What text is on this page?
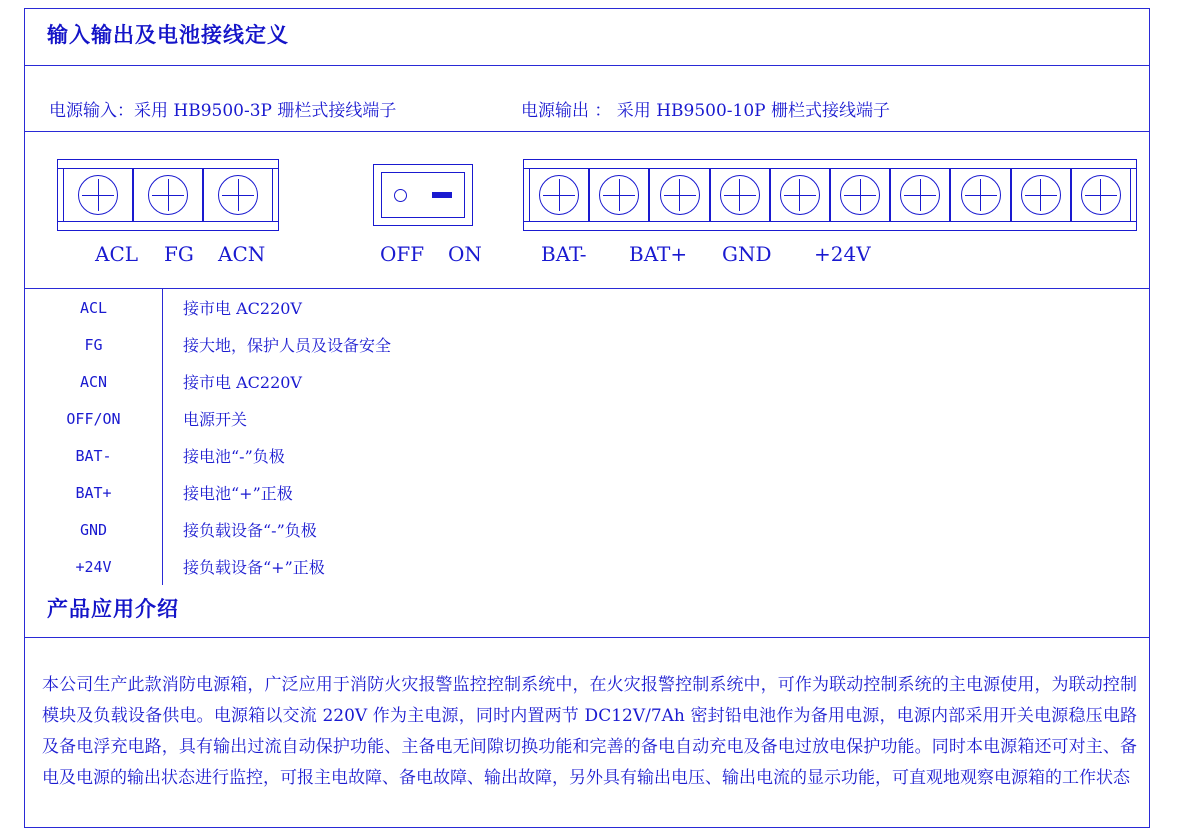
输入输出及电池接线定义
电源输入：采用 HB9500-3P 珊栏式接线端子	电源输出 ： 采用 HB9500-10P 栅栏式接线端子
ACL FG ACN	OFF ON	BAT- BAT+ GND +24V
ACL	接市电 AC220V
FG	接大地，保护人员及设备安全
ACN	接市电 AC220V
OFF/ON	电源开关
BAT-	接电池“-”负极
BAT+	接电池“+”正极
GND	接负载设备“-”负极
+24V	接负载设备“+”正极
产品应用介绍
本公司生产此款消防电源箱，广泛应用于消防火灾报警监控控制系统中，在火灾报警控制系统中，可作为联动控制系统的主电源使用，为联动控制模块及负载设备供电。电源箱以交流 220V 作为主电源，同时内置两节 DC12V/7Ah 密封铅电池作为备用电源，电源内部采用开关电源稳压电路及备电浮充电路，具有输出过流自动保护功能、主备电无间隙切换功能和完善的备电自动充电及备电过放电保护功能。同时本电源箱还可对主、备电及电源的输出状态进行监控，可报主电故障、备电故障、输出故障，另外具有输出电压、输出电流的显示功能，可直观地观察电源箱的工作状态
